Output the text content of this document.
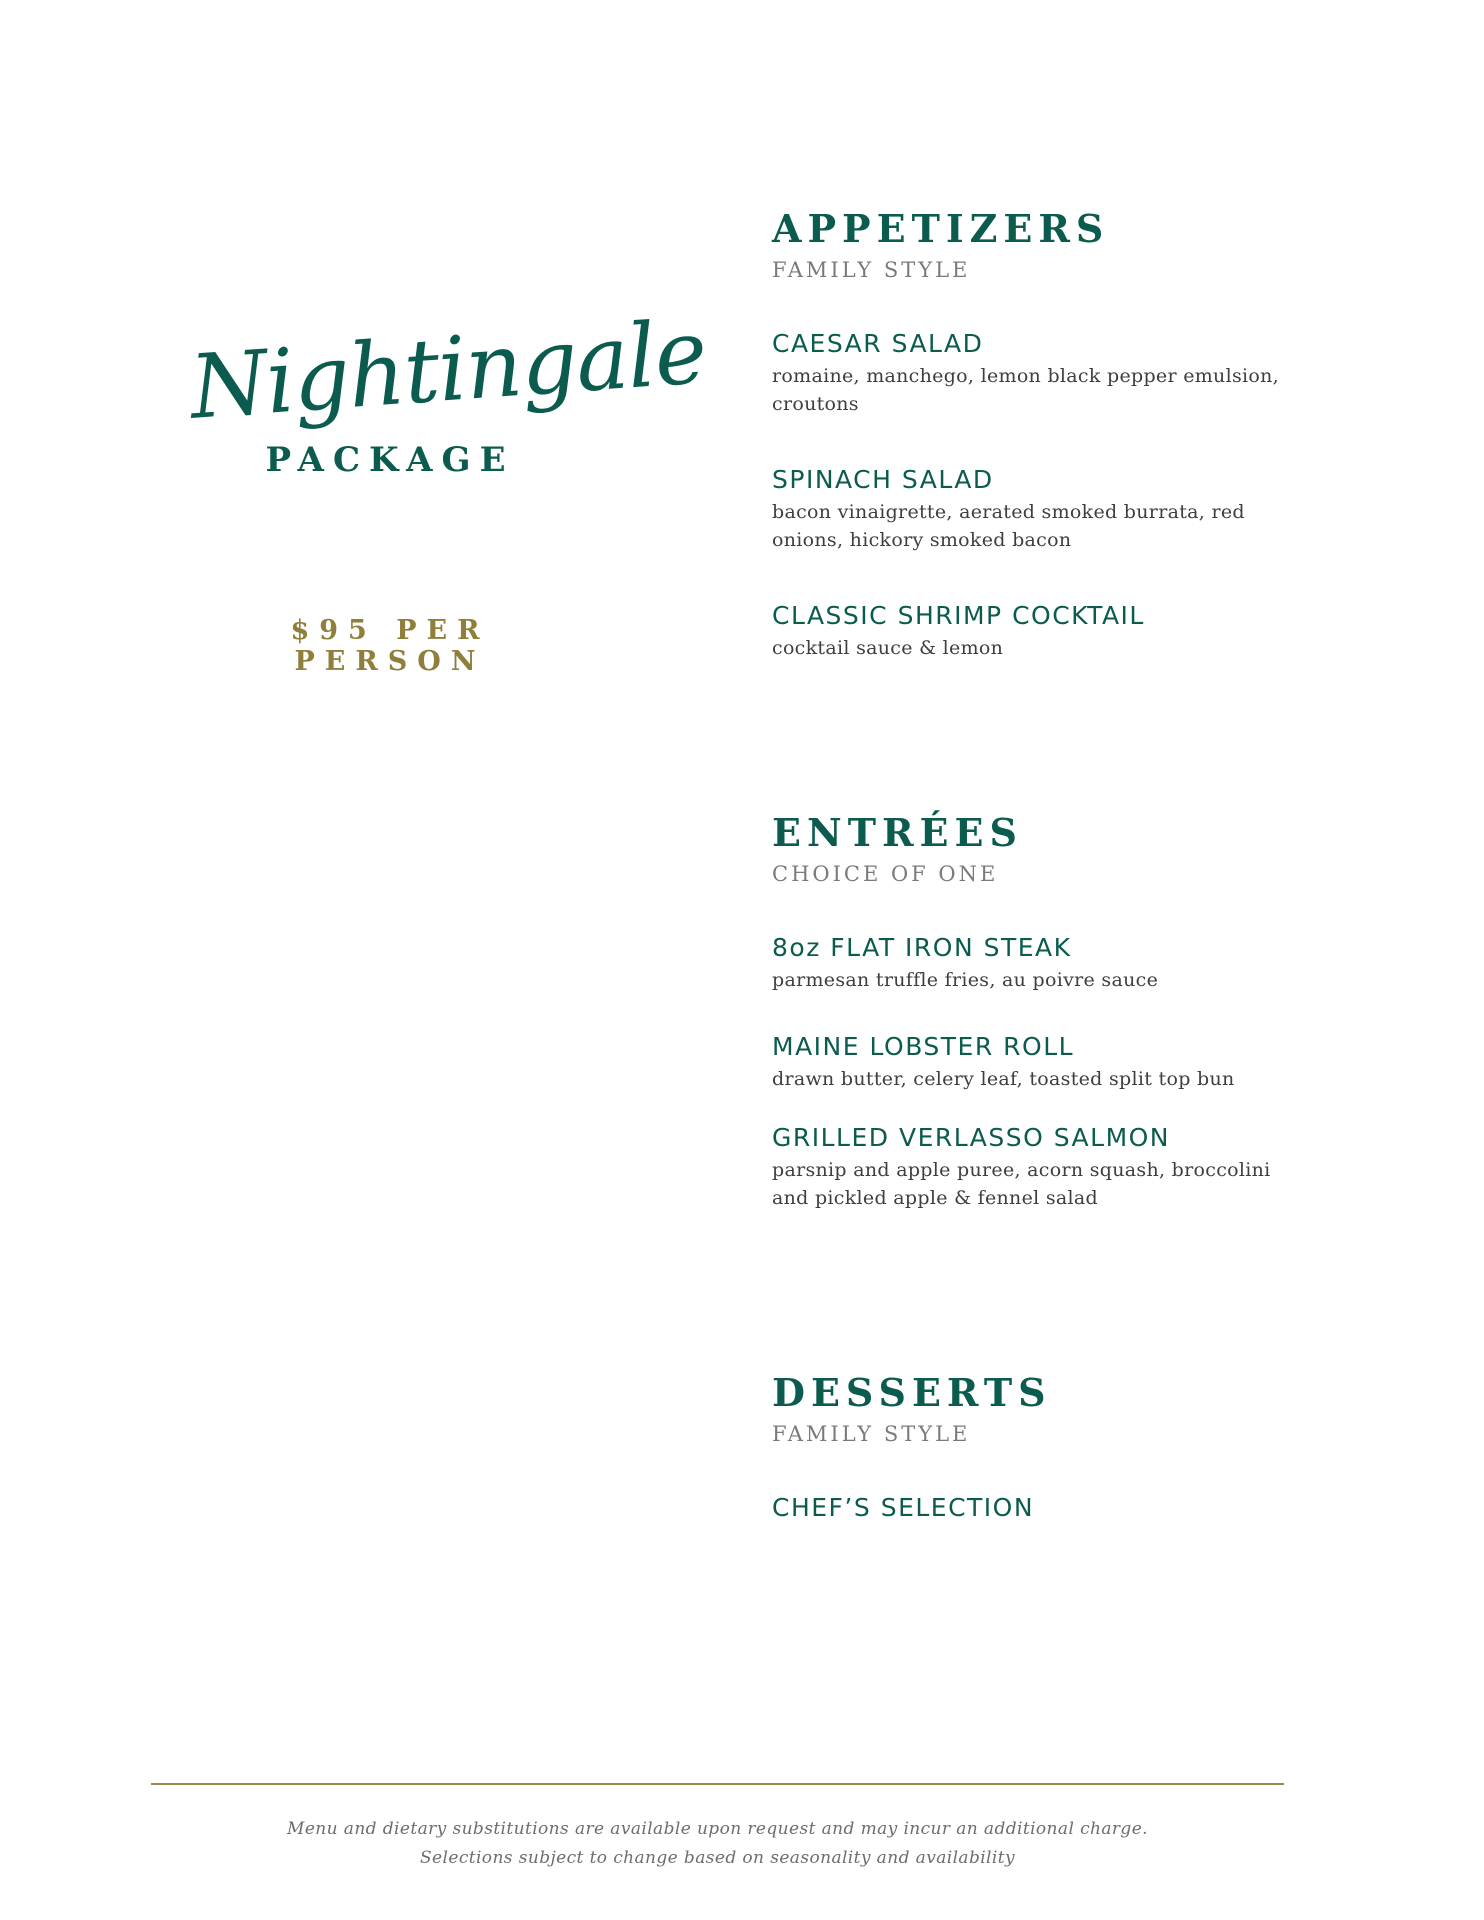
Nightingale
PACKAGE
$95 PER PERSON
APPETIZERS
FAMILY STYLE
CAESAR SALAD
romaine, manchego, lemon black pepper emulsion,
croutons
SPINACH SALAD
bacon vinaigrette, aerated smoked burrata, red
onions, hickory smoked bacon
CLASSIC SHRIMP COCKTAIL
cocktail sauce & lemon
ENTRÉES
CHOICE OF ONE
8oz FLAT IRON STEAK
parmesan truffle fries, au poivre sauce
MAINE LOBSTER ROLL
drawn butter, celery leaf, toasted split top bun
GRILLED VERLASSO SALMON
parsnip and apple puree, acorn squash, broccolini
and pickled apple & fennel salad
DESSERTS
FAMILY STYLE
CHEF’S SELECTION
Menu and dietary substitutions are available upon request and may incur an additional charge.
Selections subject to change based on seasonality and availability
